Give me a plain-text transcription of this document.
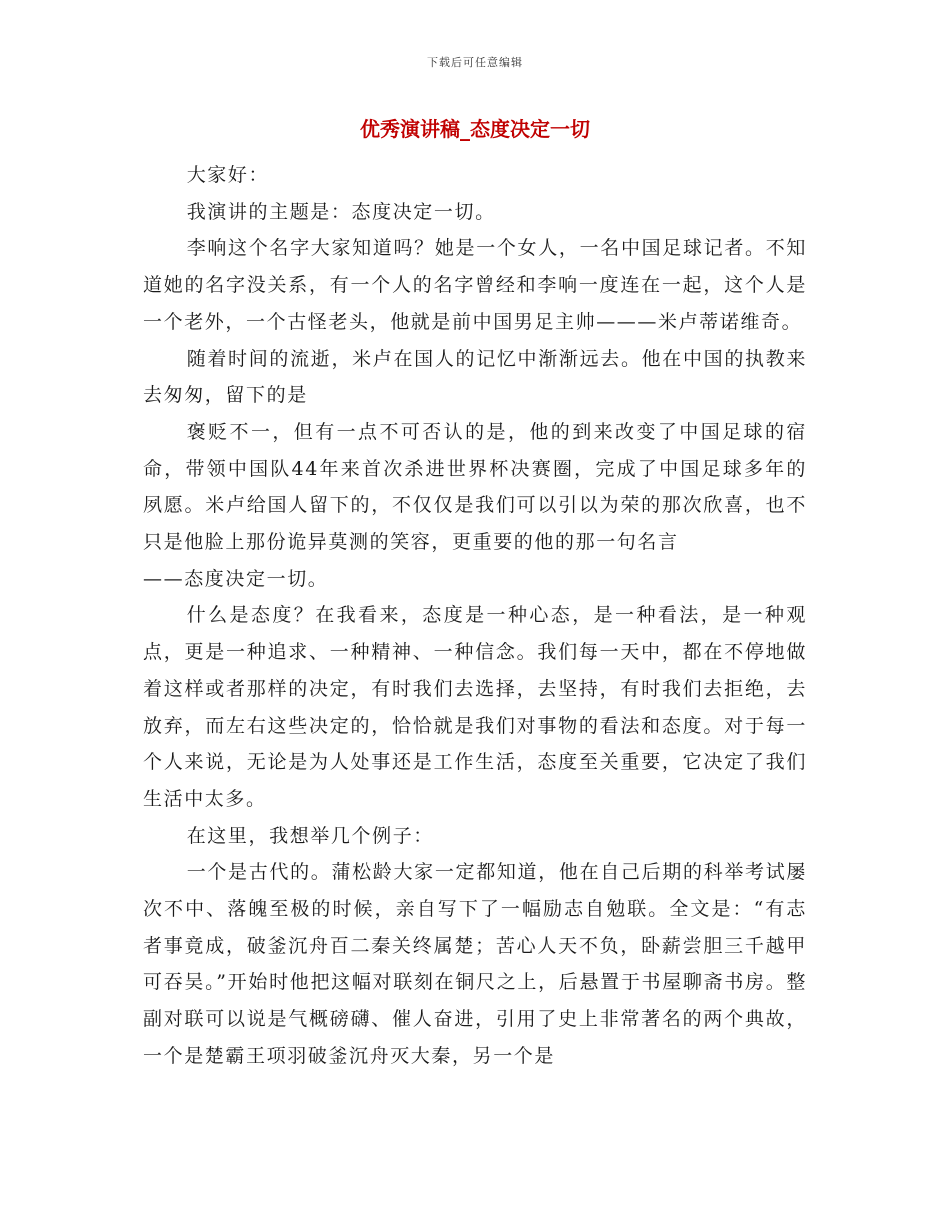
下载后可任意编辑
优秀演讲稿_态度决定一切

大家好：

我演讲的主题是：态度决定一切。

李响这个名字大家知道吗？她是一个女人，一名中国足球记者。不知道她的名字没关系，有一个人的名字曾经和李响一度连在一起，这个人是一个老外，一个古怪老头，他就是前中国男足主帅———米卢蒂诺维奇。

随着时间的流逝，米卢在国人的记忆中渐渐远去。他在中国的执教来去匆匆，留下的是

褒贬不一，但有一点不可否认的是，他的到来改变了中国足球的宿命，带领中国队44年来首次杀进世界杯决赛圈，完成了中国足球多年的夙愿。米卢给国人留下的，不仅仅是我们可以引以为荣的那次欣喜，也不只是他脸上那份诡异莫测的笑容，更重要的他的那一句名言

——态度决定一切。

什么是态度？在我看来，态度是一种心态，是一种看法，是一种观点，更是一种追求、一种精神、一种信念。我们每一天中，都在不停地做着这样或者那样的决定，有时我们去选择，去坚持，有时我们去拒绝，去放弃，而左右这些决定的，恰恰就是我们对事物的看法和态度。对于每一个人来说，无论是为人处事还是工作生活，态度至关重要，它决定了我们生活中太多。

在这里，我想举几个例子：

一个是古代的。蒲松龄大家一定都知道，他在自己后期的科举考试屡次不中、落魄至极的时候，亲自写下了一幅励志自勉联。全文是：“有志者事竟成，破釜沉舟百二秦关终属楚；苦心人天不负，卧薪尝胆三千越甲可吞吴。”开始时他把这幅对联刻在铜尺之上，后悬置于书屋聊斋书房。整副对联可以说是气概磅礴、催人奋进，引用了史上非常著名的两个典故，一个是楚霸王项羽破釜沉舟灭大秦，另一个是
